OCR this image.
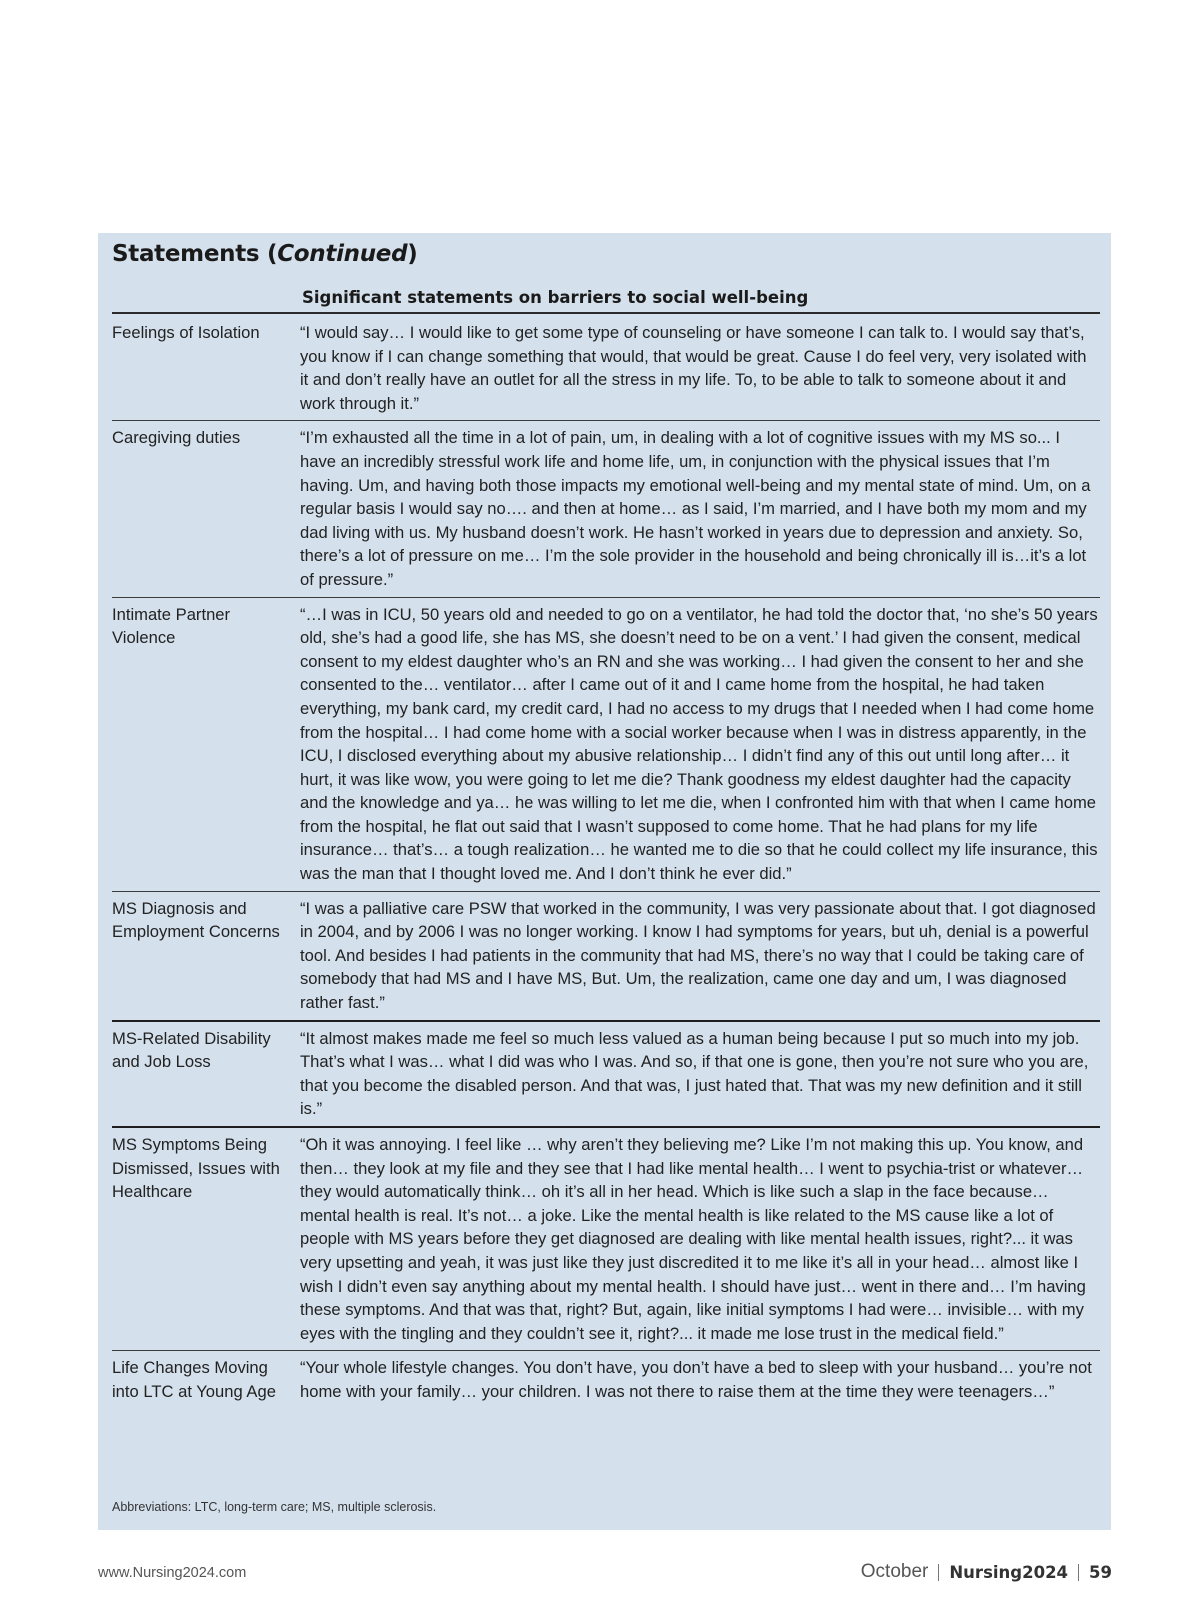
Statements (Continued)
Significant statements on barriers to social well-being
Feelings of Isolation	“I would say… I would like to get some type of counseling or have someone I can talk to. I would say that’s, you know if I can change something that would, that would be great. Cause I do feel very, very isolated with it and don’t really have an outlet for all the stress in my life. To, to be able to talk to someone about it and work through it.”
Caregiving duties	“I’m exhausted all the time in a lot of pain, um, in dealing with a lot of cognitive issues with my MS so... I have an incredibly stressful work life and home life, um, in conjunction with the physical issues that I’m having. Um, and having both those impacts my emotional well-being and my mental state of mind. Um, on a regular basis I would say no…. and then at home… as I said, I’m married, and I have both my mom and my dad living with us. My husband doesn’t work. He hasn’t worked in years due to depression and anxiety. So, there’s a lot of pressure on me… I’m the sole provider in the household and being chronically ill is…it’s a lot of pressure.”
Intimate Partner Violence	“…I was in ICU, 50 years old and needed to go on a ventilator, he had told the doctor that, ‘no she’s 50 years old, she’s had a good life, she has MS, she doesn’t need to be on a vent.’ I had given the consent, medical consent to my eldest daughter who’s an RN and she was working… I had given the consent to her and she consented to the… ventilator… after I came out of it and I came home from the hospital, he had taken everything, my bank card, my credit card, I had no access to my drugs that I needed when I had come home from the hospital… I had come home with a social worker because when I was in distress apparently, in the ICU, I disclosed everything about my abusive relationship… I didn’t find any of this out until long after… it hurt, it was like wow, you were going to let me die? Thank goodness my eldest daughter had the capacity and the knowledge and ya… he was willing to let me die, when I confronted him with that when I came home from the hospital, he flat out said that I wasn’t supposed to come home. That he had plans for my life insurance… that’s… a tough realization… he wanted me to die so that he could collect my life insurance, this was the man that I thought loved me. And I don’t think he ever did.”
MS Diagnosis and Employment Concerns	“I was a palliative care PSW that worked in the community, I was very passionate about that. I got diagnosed in 2004, and by 2006 I was no longer working. I know I had symptoms for years, but uh, denial is a powerful tool. And besides I had patients in the community that had MS, there’s no way that I could be taking care of somebody that had MS and I have MS, But. Um, the realization, came one day and um, I was diagnosed rather fast.”
MS-Related Disability and Job Loss	“It almost makes made me feel so much less valued as a human being because I put so much into my job. That’s what I was… what I did was who I was. And so, if that one is gone, then you’re not sure who you are, that you become the disabled person. And that was, I just hated that. That was my new definition and it still is.”
MS Symptoms Being Dismissed, Issues with Healthcare	“Oh it was annoying. I feel like … why aren’t they believing me? Like I’m not making this up. You know, and then… they look at my file and they see that I had like mental health… I went to psychia-trist or whatever… they would automatically think… oh it’s all in her head. Which is like such a slap in the face because… mental health is real. It’s not… a joke. Like the mental health is like related to the MS cause like a lot of people with MS years before they get diagnosed are dealing with like mental health issues, right?... it was very upsetting and yeah, it was just like they just discredited it to me like it’s all in your head… almost like I wish I didn’t even say anything about my mental health. I should have just… went in there and… I’m having these symptoms. And that was that, right? But, again, like initial symptoms I had were… invisible… with my eyes with the tingling and they couldn’t see it, right?... it made me lose trust in the medical field.”
Life Changes Moving into LTC at Young Age	“Your whole lifestyle changes. You don’t have, you don’t have a bed to sleep with your husband… you’re not home with your family… your children. I was not there to raise them at the time they were teenagers…”
Abbreviations: LTC, long-term care; MS, multiple sclerosis.
www.Nursing2024.com	October Nursing2024 59
